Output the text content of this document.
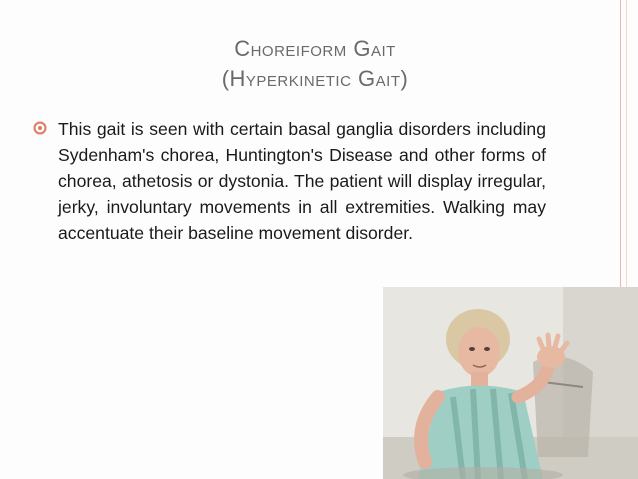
Choreiform Gait
(Hyperkinetic Gait)
This gait is seen with certain basal ganglia disorders including Sydenham's chorea, Huntington's Disease and other forms of chorea, athetosis or dystonia. The patient will display irregular, jerky, involuntary movements in all extremities. Walking may accentuate their baseline movement disorder.
